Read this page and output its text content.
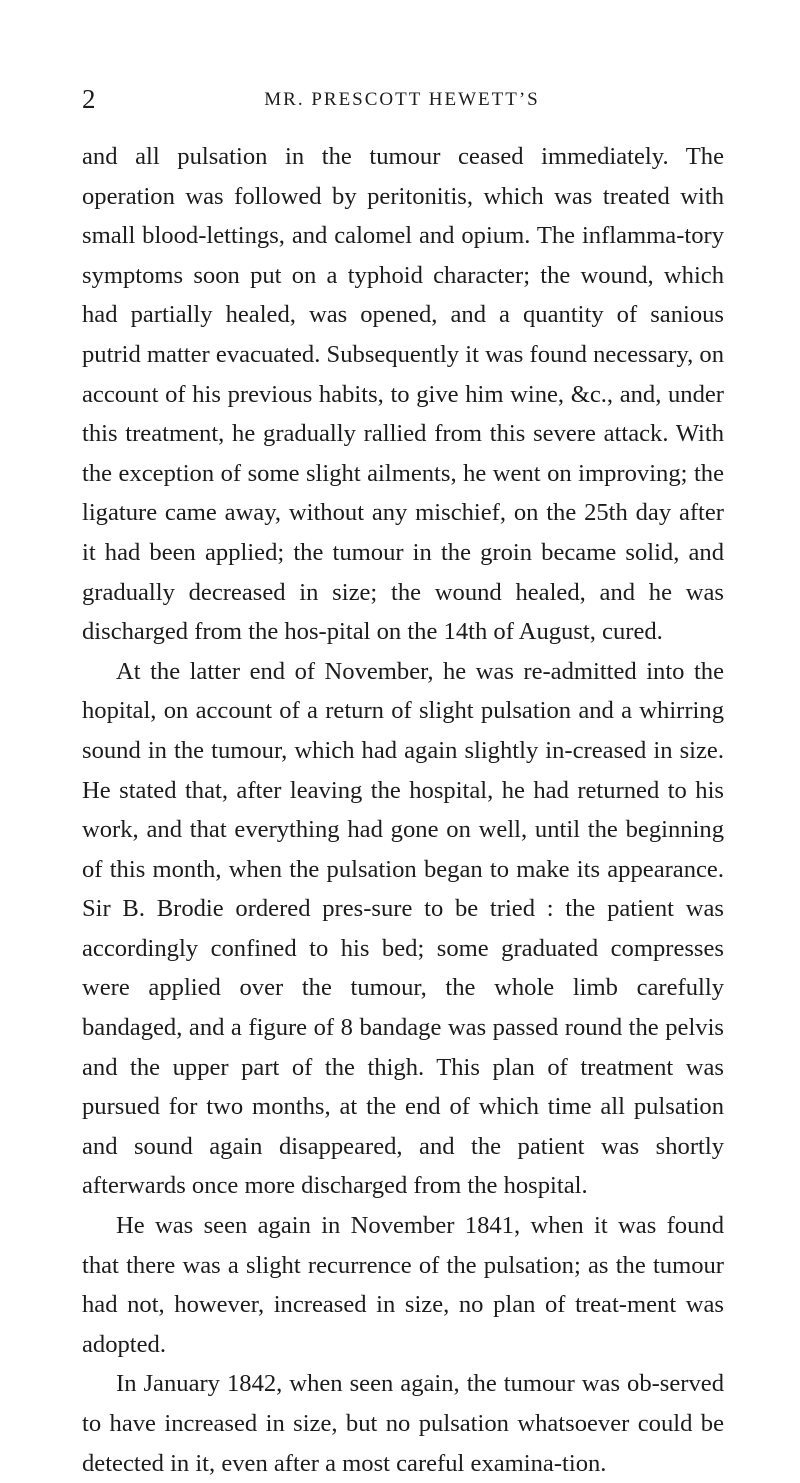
2	MR. PRESCOTT HEWETT’S

and all pulsation in the tumour ceased immediately. The operation was followed by peritonitis, which was treated with small blood-lettings, and calomel and opium. The inflamma-tory symptoms soon put on a typhoid character; the wound, which had partially healed, was opened, and a quantity of sanious putrid matter evacuated. Subsequently it was found necessary, on account of his previous habits, to give him wine, &c., and, under this treatment, he gradually rallied from this severe attack. With the exception of some slight ailments, he went on improving; the ligature came away, without any mischief, on the 25th day after it had been applied; the tumour in the groin became solid, and gradually decreased in size; the wound healed, and he was discharged from the hos-pital on the 14th of August, cured.

At the latter end of November, he was re-admitted into the hopital, on account of a return of slight pulsation and a whirring sound in the tumour, which had again slightly in-creased in size. He stated that, after leaving the hospital, he had returned to his work, and that everything had gone on well, until the beginning of this month, when the pulsation began to make its appearance. Sir B. Brodie ordered pres-sure to be tried : the patient was accordingly confined to his bed; some graduated compresses were applied over the tumour, the whole limb carefully bandaged, and a figure of 8 bandage was passed round the pelvis and the upper part of the thigh. This plan of treatment was pursued for two months, at the end of which time all pulsation and sound again disappeared, and the patient was shortly afterwards once more discharged from the hospital.

He was seen again in November 1841, when it was found that there was a slight recurrence of the pulsation; as the tumour had not, however, increased in size, no plan of treat-ment was adopted.

In January 1842, when seen again, the tumour was ob-served to have increased in size, but no pulsation whatsoever could be detected in it, even after a most careful examina-tion.
